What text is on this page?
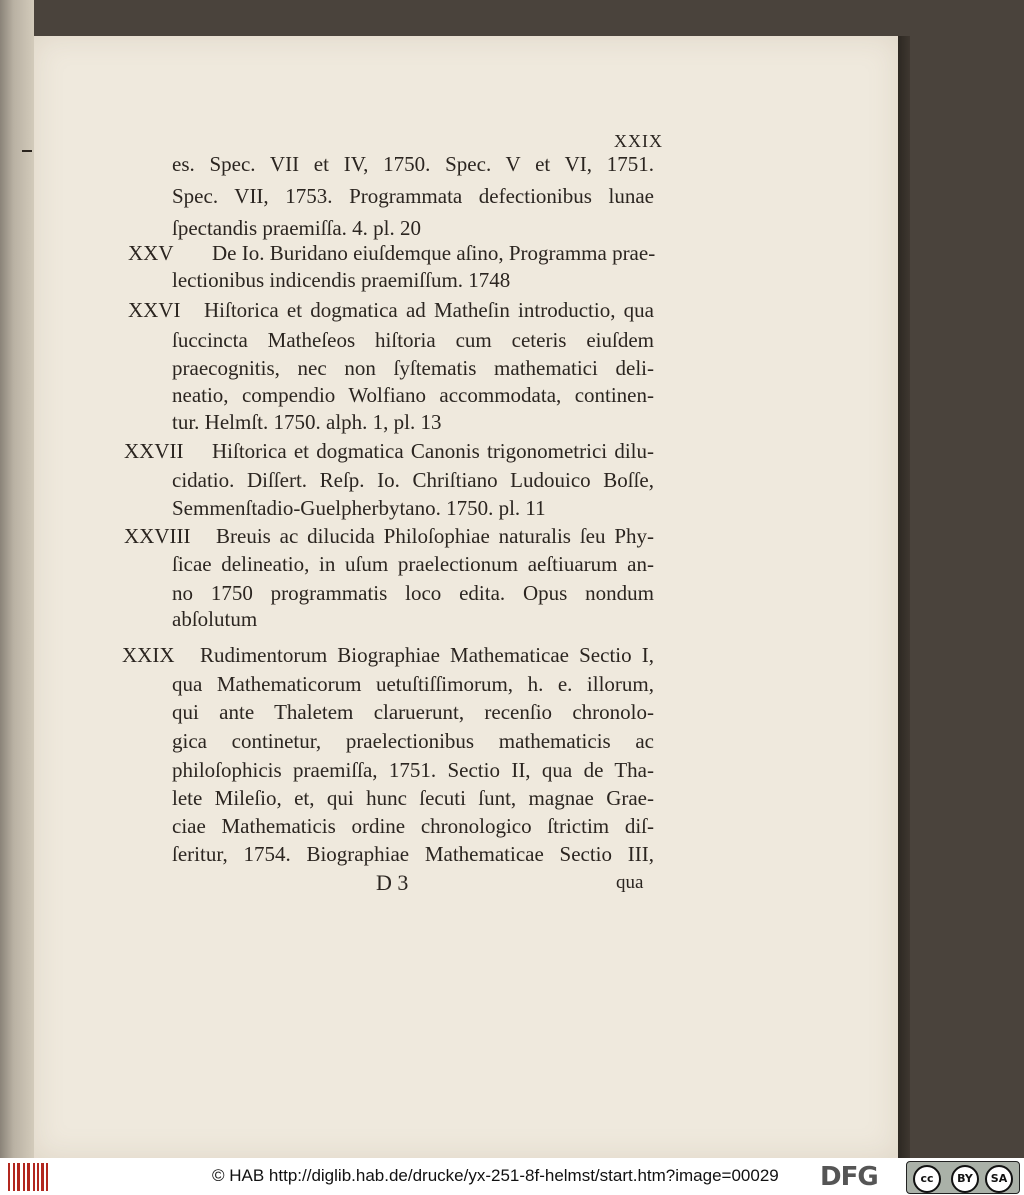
XXIX
es. Spec. VII et IV, 1750. Spec. V et VI, 1751.
Spec. VII, 1753. Programmata defectionibus lunae
ſpectandis praemiſſa. 4. pl. 20
XXV De Io. Buridano eiuſdemque aſino, Programma prae-
lectionibus indicendis praemiſſum. 1748
XXVI Hiſtorica et dogmatica ad Matheſin introductio, qua
ſuccincta Matheſeos hiſtoria cum ceteris eiuſdem
praecognitis, nec non ſyſtematis mathematici deli-
neatio, compendio Wolfiano accommodata, continen-
tur. Helmſt. 1750. alph. 1, pl. 13
XXVII Hiſtorica et dogmatica Canonis trigonometrici dilu-
cidatio. Diſſert. Reſp. Io. Chriſtiano Ludouico Boſſe,
Semmenſtadio-Guelpherbytano. 1750. pl. 11
XXVIII Breuis ac dilucida Philoſophiae naturalis ſeu Phy-
ſicae delineatio, in uſum praelectionum aeſtiuarum an-
no 1750 programmatis loco edita. Opus nondum
abſolutum
XXIX Rudimentorum Biographiae Mathematicae Sectio I,
qua Mathematicorum uetuſtiſſimorum, h. e. illorum,
qui ante Thaletem claruerunt, recenſio chronolo-
gica continetur, praelectionibus mathematicis ac
philoſophicis praemiſſa, 1751. Sectio II, qua de Tha-
lete Mileſio, et, qui hunc ſecuti ſunt, magnae Grae-
ciae Mathematicis ordine chronologico ſtrictim diſ-
ſeritur, 1754. Biographiae Mathematicae Sectio III,
D 3	qua
© HAB http://diglib.hab.de/drucke/yx-251-8f-helmst/start.htm?image=00029 DFG	cc	BY	SA
